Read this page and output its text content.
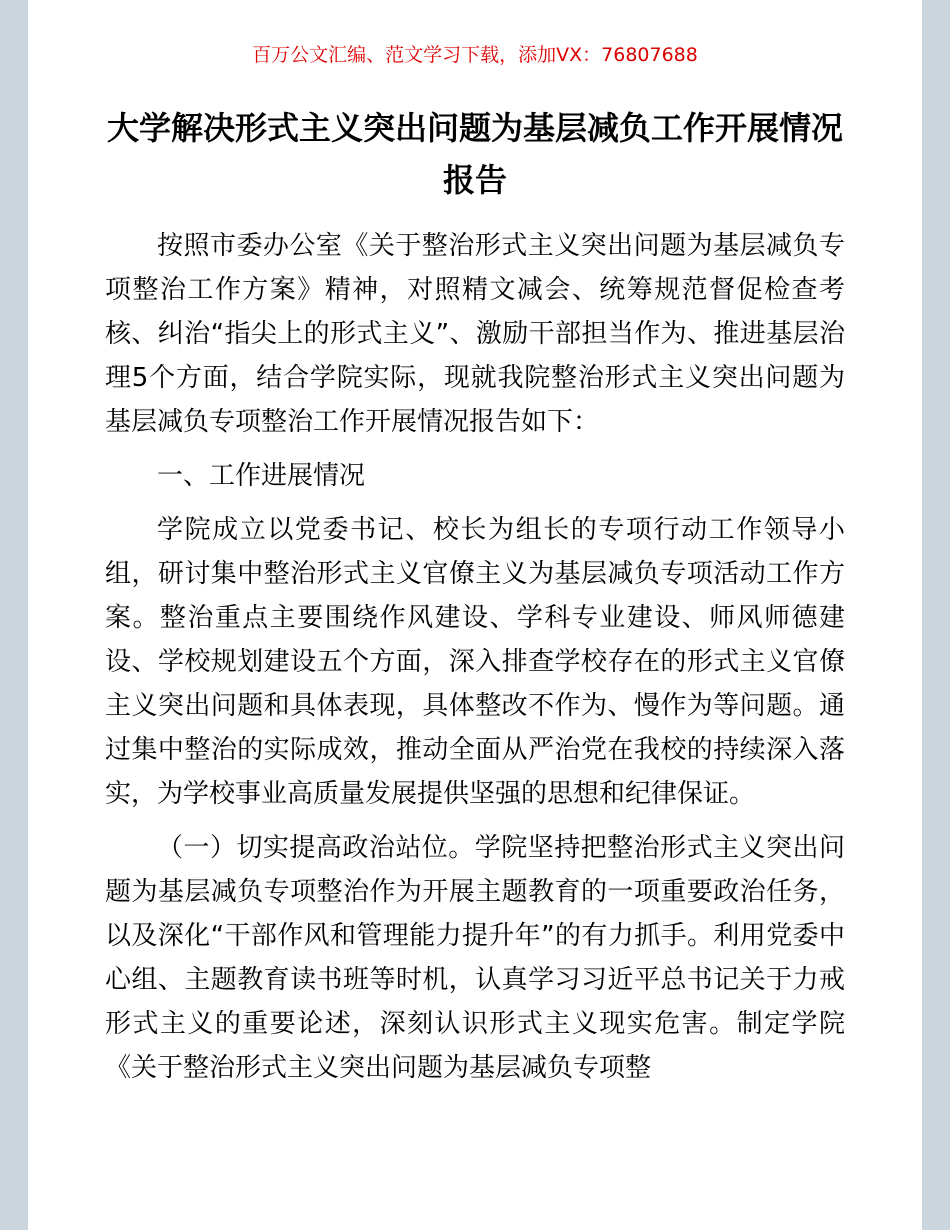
百万公文汇编、范文学习下载，添加VX：76807688
大学解决形式主义突出问题为基层减负工作开展情况报告

按照市委办公室《关于整治形式主义突出问题为基层减负专项整治工作方案》精神，对照精文减会、统筹规范督促检查考核、纠治“指尖上的形式主义”、激励干部担当作为、推进基层治理5个方面，结合学院实际，现就我院整治形式主义突出问题为基层减负专项整治工作开展情况报告如下：

一、工作进展情况

学院成立以党委书记、校长为组长的专项行动工作领导小组，研讨集中整治形式主义官僚主义为基层减负专项活动工作方案。整治重点主要围绕作风建设、学科专业建设、师风师德建设、学校规划建设五个方面，深入排查学校存在的形式主义官僚主义突出问题和具体表现，具体整改不作为、慢作为等问题。通过集中整治的实际成效，推动全面从严治党在我校的持续深入落实，为学校事业高质量发展提供坚强的思想和纪律保证。

（一）切实提高政治站位。学院坚持把整治形式主义突出问题为基层减负专项整治作为开展主题教育的一项重要政治任务，以及深化“干部作风和管理能力提升年”的有力抓手。利用党委中心组、主题教育读书班等时机，认真学习习近平总书记关于力戒形式主义的重要论述，深刻认识形式主义现实危害。制定学院《关于整治形式主义突出问题为基层减负专项整
